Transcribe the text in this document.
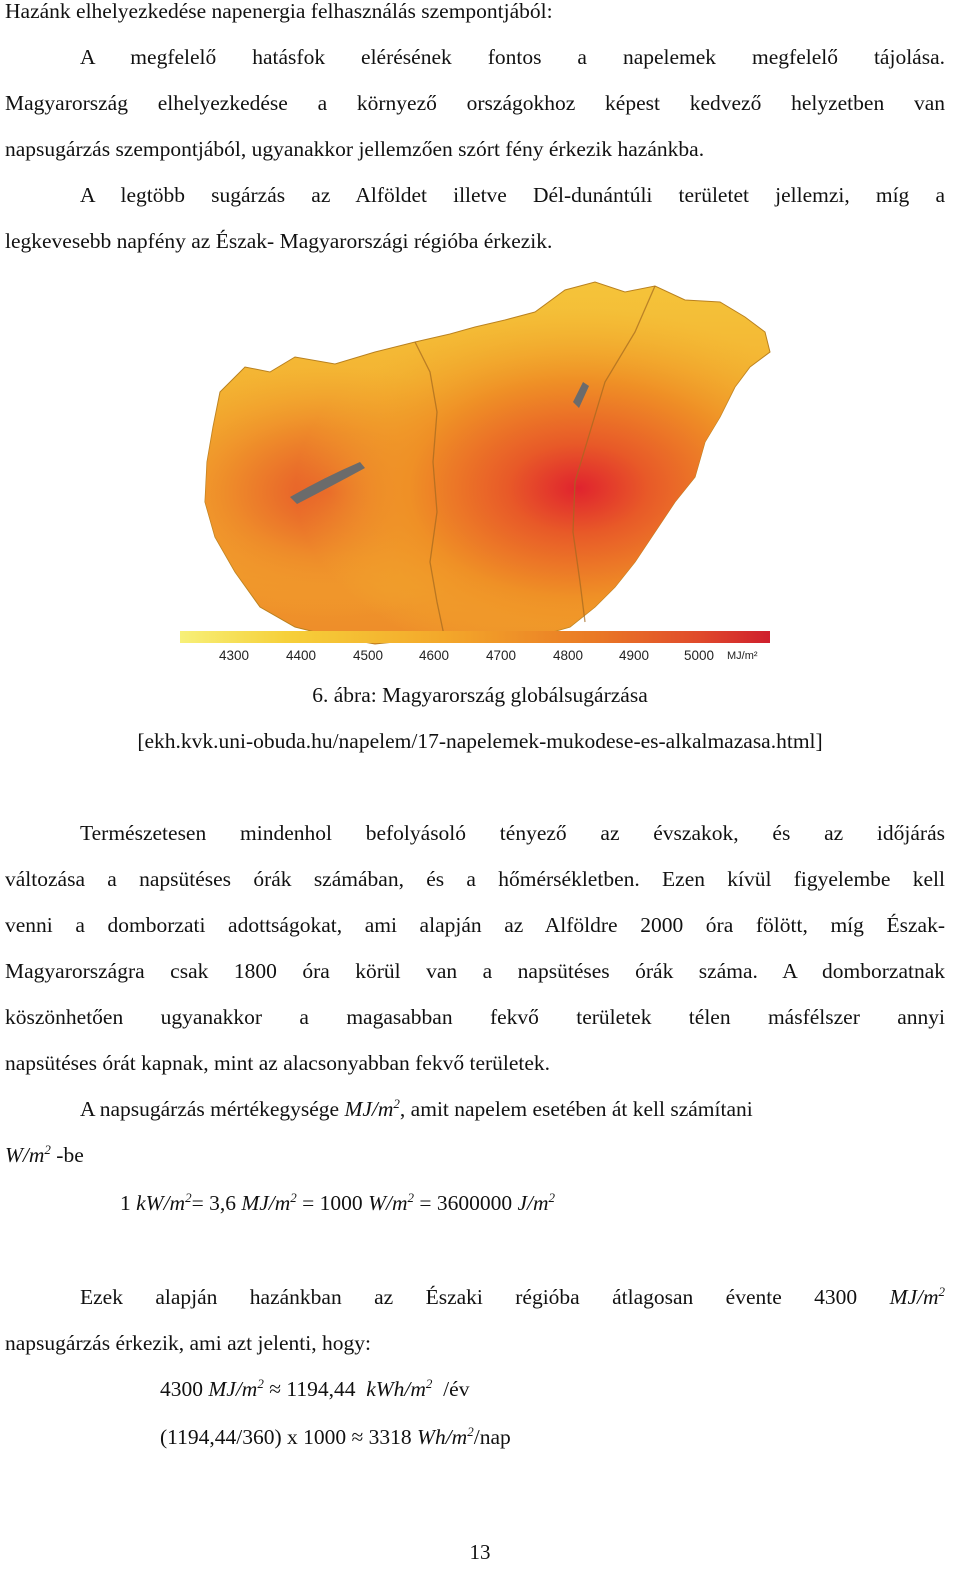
Hazánk elhelyezkedése napenergia felhasználás szempontjából:
A megfelelő hatásfok elérésének fontos a napelemek megfelelő tájolása.
Magyarország elhelyezkedése a környező országokhoz képest kedvező helyzetben van
napsugárzás szempontjából, ugyanakkor jellemzően szórt fény érkezik hazánkba.
A legtöbb sugárzás az Alföldet illetve Dél-dunántúli területet jellemzi, míg a
legkevesebb napfény az Észak- Magyarországi régióba érkezik.
4300	4400	4500	4600	4700	4800	4900	5000 MJ/m²
6. ábra: Magyarország globálsugárzása
[ekh.kvk.uni-obuda.hu/napelem/17-napelemek-mukodese-es-alkalmazasa.html]
Természetesen mindenhol befolyásoló tényező az évszakok, és az időjárás
változása a napsütéses órák számában, és a hőmérsékletben. Ezen kívül figyelembe kell
venni a domborzati adottságokat, ami alapján az Alföldre 2000 óra fölött, míg Észak-
Magyarországra csak 1800 óra körül van a napsütéses órák száma. A domborzatnak
köszönhetően ugyanakkor a magasabban fekvő területek télen másfélszer annyi
napsütéses órát kapnak, mint az alacsonyabban fekvő területek.
A napsugárzás mértékegysége $MJ/m^2$, amit napelem esetében át kell számítani
$W/m^2$ -be
1 $kW/m^2= 3,6$ $MJ/m^2 = 1000$ $W/m^2 = 3600000$ $J/m^2$
Ezek alapján hazánkban az Északi régióba átlagosan évente 4300 $MJ/m^2$
napsugárzás érkezik, ami azt jelenti, hogy:
4300 $MJ/m^2 \approx 1194,44$ kWh/$m^2$ /év
(1194,44/360) x 1000 ≈ 3318 $Wh/m^2$/nap
13
